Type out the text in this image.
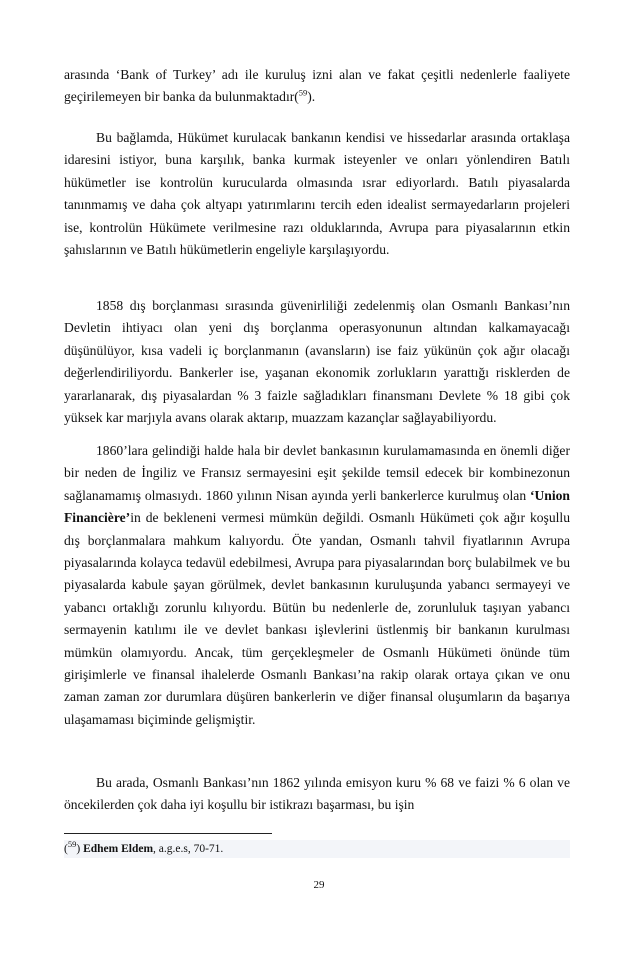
arasında ‘Bank of Turkey’ adı ile kuruluş izni alan ve fakat çeşitli nedenlerle faaliyete geçirilemeyen bir banka da bulunmaktadır($^{59}$).

Bu bağlamda, Hükümet kurulacak bankanın kendisi ve hissedarlar arasında ortaklaşa idaresini istiyor, buna karşılık, banka kurmak isteyenler ve onları yönlendiren Batılı hükümetler ise kontrolün kurucularda olmasında ısrar ediyorlardı. Batılı piyasalarda tanınmamış ve daha çok altyapı yatırımlarını tercih eden idealist sermayedarların projeleri ise, kontrolün Hükümete verilmesine razı olduklarında, Avrupa para piyasalarının etkin şahıslarının ve Batılı hükümetlerin engeliyle karşılaşıyordu.

1858 dış borçlanması sırasında güvenirliliği zedelenmiş olan Osmanlı Bankası’nın Devletin ihtiyacı olan yeni dış borçlanma operasyonunun altından kalkamayacağı düşünülüyor, kısa vadeli iç borçlanmanın (avansların) ise faiz yükünün çok ağır olacağı değerlendiriliyordu. Bankerler ise, yaşanan ekonomik zorlukların yarattığı risklerden de yararlanarak, dış piyasalardan % 3 faizle sağladıkları finansmanı Devlete % 18 gibi çok yüksek kar marjıyla avans olarak aktarıp, muazzam kazançlar sağlayabiliyordu.

1860’lara gelindiği halde hala bir devlet bankasının kurulamamasında en önemli diğer bir neden de İngiliz ve Fransız sermayesini eşit şekilde temsil edecek bir kombinezonun sağlanamamış olmasıydı. 1860 yılının Nisan ayında yerli bankerlerce kurulmuş olan ‘Union Financière’in de bekleneni vermesi mümkün değildi. Osmanlı Hükümeti çok ağır koşullu dış borçlanmalara mahkum kalıyordu. Öte yandan, Osmanlı tahvil fiyatlarının Avrupa piyasalarında kolayca tedavül edebilmesi, Avrupa para piyasalarından borç bulabilmek ve bu piyasalarda kabule şayan görülmek, devlet bankasının kuruluşunda yabancı sermayeyi ve yabancı ortaklığı zorunlu kılıyordu. Bütün bu nedenlerle de, zorunluluk taşıyan yabancı sermayenin katılımı ile ve devlet bankası işlevlerini üstlenmiş bir bankanın kurulması mümkün olamıyordu. Ancak, tüm gerçekleşmeler de Osmanlı Hükümeti önünde tüm girişimlerle ve finansal ihalelerde Osmanlı Bankası’na rakip olarak ortaya çıkan ve onu zaman zaman zor durumlara düşüren bankerlerin ve diğer finansal oluşumların da başarıya ulaşamaması biçiminde gelişmiştir.

Bu arada, Osmanlı Bankası’nın 1862 yılında emisyon kuru % 68 ve faizi % 6 olan ve öncekilerden çok daha iyi koşullu bir istikrazı başarması, bu işin

($^{59}$) Edhem Eldem, a.g.e.s, 70-71.

29
